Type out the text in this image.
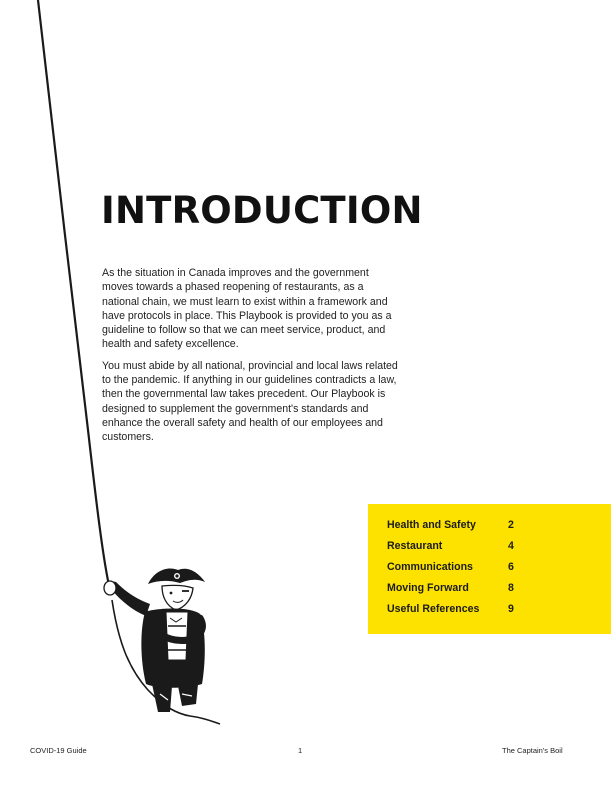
INTRODUCTION

As the situation in Canada improves and the government moves towards a phased reopening of restaurants, as a national chain, we must learn to exist within a framework and have protocols in place. This Playbook is provided to you as a guideline to follow so that we can meet service, product, and health and safety excellence.

You must abide by all national, provincial and local laws related to the pandemic. If anything in our guidelines contradicts a law, then the governmental law takes precedent. Our Playbook is designed to supplement the government's standards and enhance the overall safety and health of our employees and customers.

Health and Safety	2
Restaurant	4
Communications	6
Moving Forward	8
Useful References	9
COVID-19 Guide	1	The Captain's Boil
